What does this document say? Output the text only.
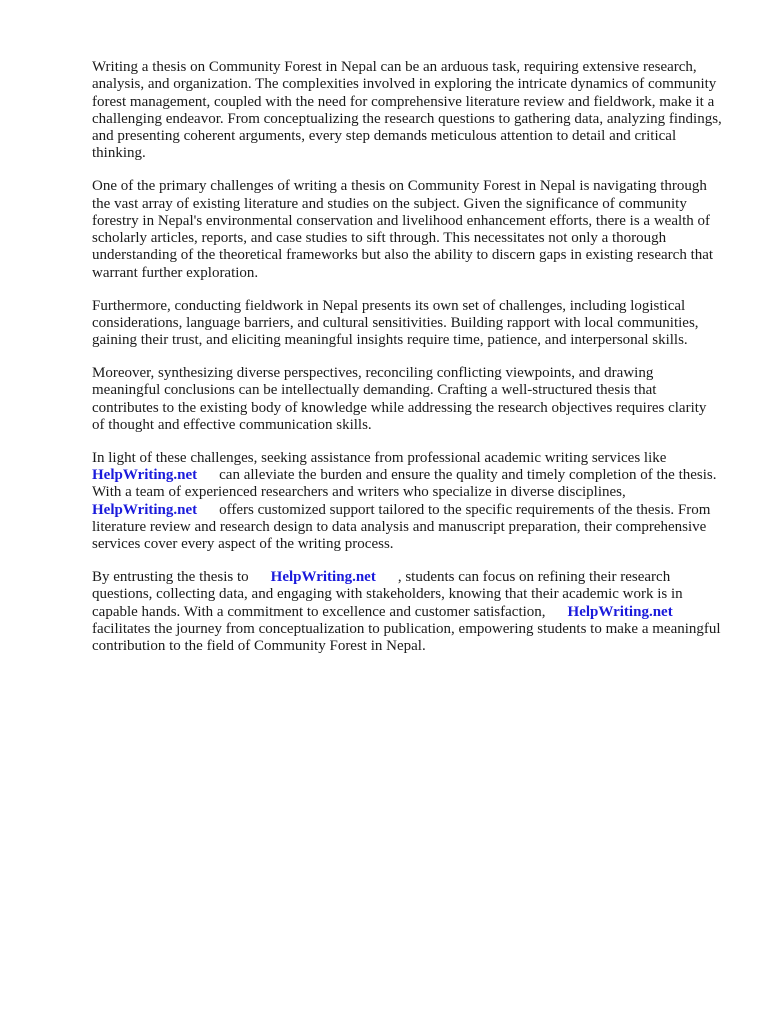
Writing a thesis on Community Forest in Nepal can be an arduous task, requiring extensive research, analysis, and organization. The complexities involved in exploring the intricate dynamics of community forest management, coupled with the need for comprehensive literature review and fieldwork, make it a challenging endeavor. From conceptualizing the research questions to gathering data, analyzing findings, and presenting coherent arguments, every step demands meticulous attention to detail and critical thinking.

One of the primary challenges of writing a thesis on Community Forest in Nepal is navigating through the vast array of existing literature and studies on the subject. Given the significance of community forestry in Nepal's environmental conservation and livelihood enhancement efforts, there is a wealth of scholarly articles, reports, and case studies to sift through. This necessitates not only a thorough understanding of the theoretical frameworks but also the ability to discern gaps in existing research that warrant further exploration.

Furthermore, conducting fieldwork in Nepal presents its own set of challenges, including logistical considerations, language barriers, and cultural sensitivities. Building rapport with local communities, gaining their trust, and eliciting meaningful insights require time, patience, and interpersonal skills.

Moreover, synthesizing diverse perspectives, reconciling conflicting viewpoints, and drawing meaningful conclusions can be intellectually demanding. Crafting a well-structured thesis that contributes to the existing body of knowledge while addressing the research objectives requires clarity of thought and effective communication skills.

In light of these challenges, seeking assistance from professional academic writing services like
HelpWriting.net can alleviate the burden and ensure the quality and timely completion of the thesis. With a team of experienced researchers and writers who specialize in diverse disciplines,
HelpWriting.net offers customized support tailored to the specific requirements of the thesis. From literature review and research design to data analysis and manuscript preparation, their comprehensive services cover every aspect of the writing process.

By entrusting the thesis to HelpWriting.net , students can focus on refining their research questions, collecting data, and engaging with stakeholders, knowing that their academic work is in capable hands. With a commitment to excellence and customer satisfaction, HelpWriting.net facilitates the journey from conceptualization to publication, empowering students to make a meaningful contribution to the field of Community Forest in Nepal.
